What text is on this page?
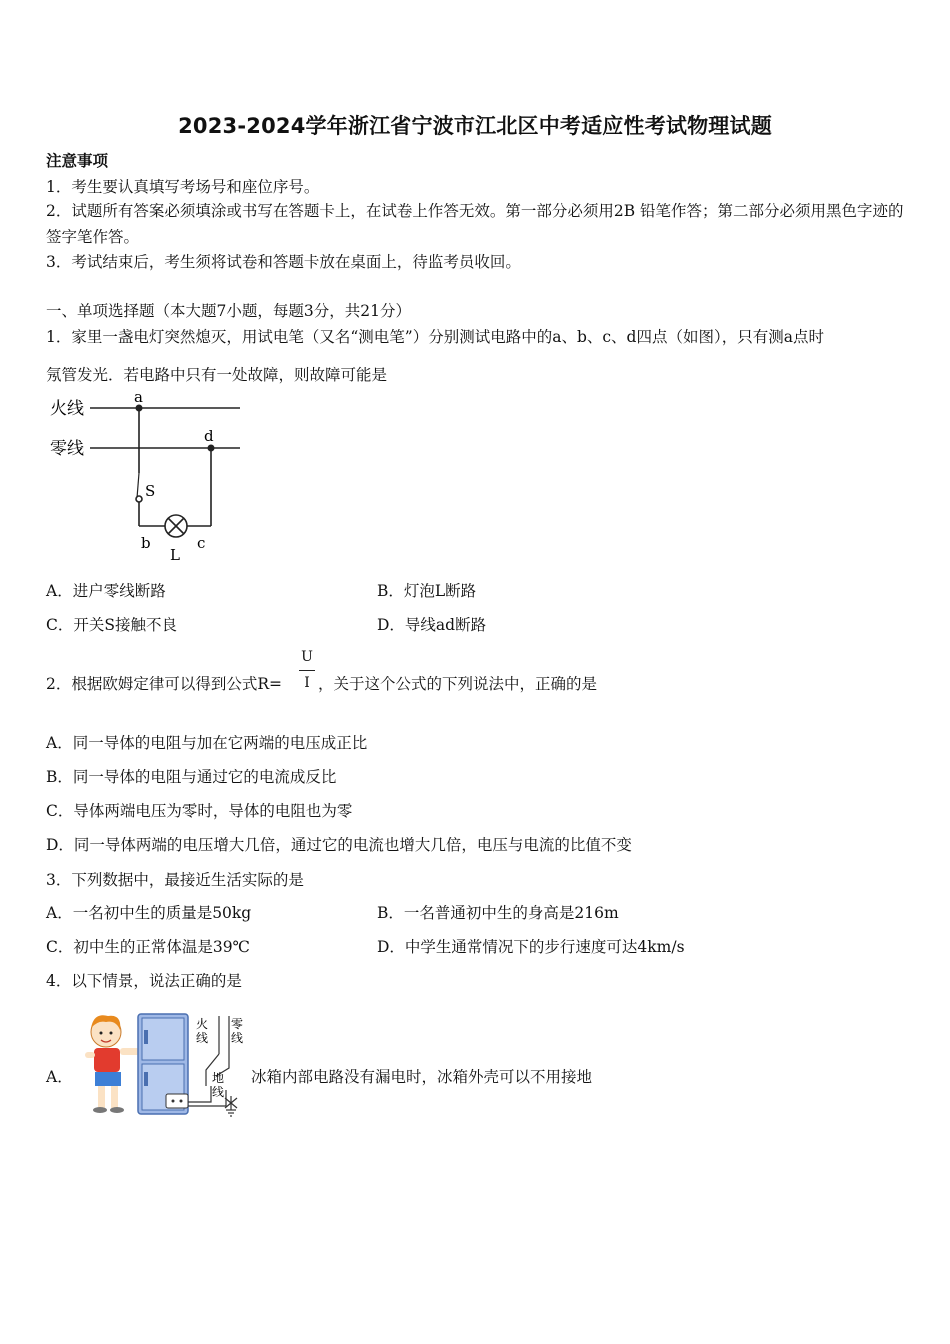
2023-2024学年浙江省宁波市江北区中考适应性考试物理试题
注意事项
1．考生要认真填写考场号和座位序号。
2．试题所有答案必须填涂或书写在答题卡上，在试卷上作答无效。第一部分必须用2B 铅笔作答；第二部分必须用黑色字迹的签字笔作答。
3．考试结束后，考生须将试卷和答题卡放在桌面上，待监考员收回。
一、单项选择题（本大题7小题，每题3分，共21分）
1．家里一盏电灯突然熄灭，用试电笔（又名“测电笔”）分别测试电路中的a、b、c、d四点（如图），只有测a点时
氖管发光．若电路中只有一处故障，则故障可能是
火线
零线
a
d
S
b	c
L
A．进户零线断路	B．灯泡L断路
C．开关S接触不良	D．导线ad断路
2．根据欧姆定律可以得到公式R=
U
I ，关于这个公式的下列说法中，正确的是
A．同一导体的电阻与加在它两端的电压成正比
B．同一导体的电阻与通过它的电流成反比
C．导体两端电压为零时，导体的电阻也为零
D．同一导体两端的电压增大几倍，通过它的电流也增大几倍，电压与电流的比值不变
3．下列数据中，最接近生活实际的是
A．一名初中生的质量是50kg	B．一名普通初中生的身高是216m
C．初中生的正常体温是39℃	D．中学生通常情况下的步行速度可达4km/s
4．以下情景，说法正确的是
A．
火
线
零
线
地
线
冰箱内部电路没有漏电时，冰箱外壳可以不用接地
